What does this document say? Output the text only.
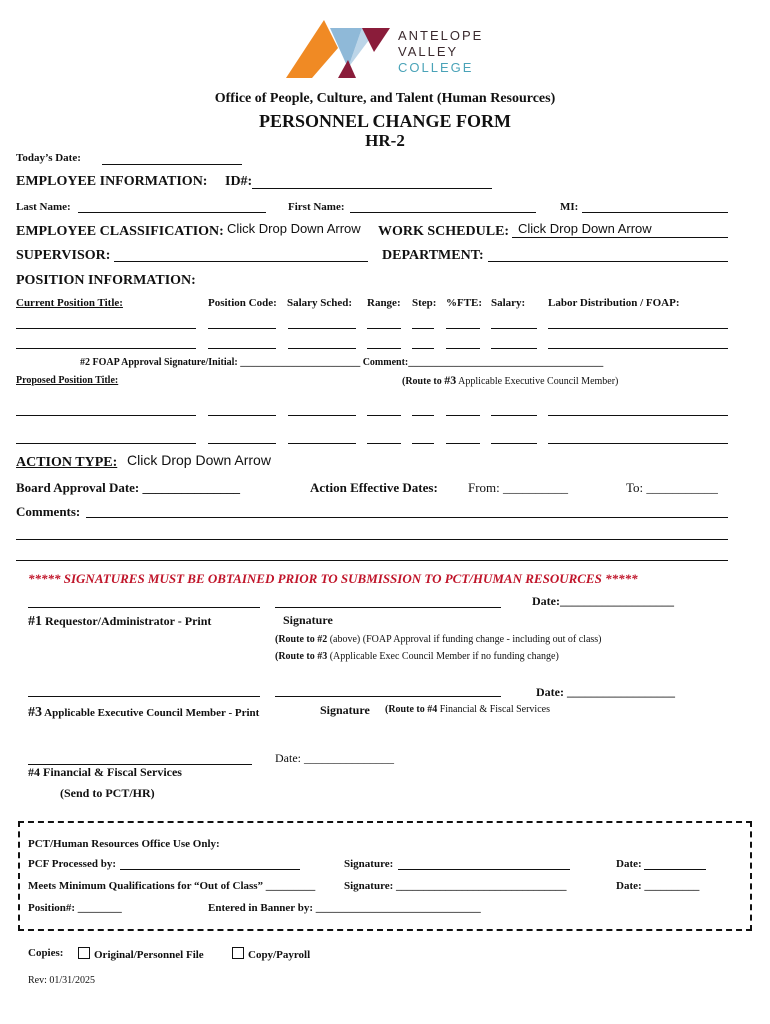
ANTELOPE
VALLEY
COLLEGE
Office of People, Culture, and Talent (Human Resources)
PERSONNEL CHANGE FORM
HR-2
Today’s Date:
EMPLOYEE INFORMATION: ID#:
Last Name:	First Name:	MI:
EMPLOYEE CLASSIFICATION: Click Drop Down Arrow WORK SCHEDULE: Click Drop Down Arrow
SUPERVISOR:	DEPARTMENT:
POSITION INFORMATION:
Current Position Title:	Position Code: Salary Sched: Range: Step: %FTE: Salary: Labor Distribution / FOAP:
#2 FOAP Approval Signature/Initial: ________________________ Comment:_______________________________________
Proposed Position Title:	(Route to #3 Applicable Executive Council Member)
ACTION TYPE: Click Drop Down Arrow
Board Approval Date: _______________	Action Effective Dates: From: __________	To: ___________
Comments:
***** SIGNATURES MUST BE OBTAINED PRIOR TO SUBMISSION TO PCT/HUMAN RESOURCES *****
Date:___________________
#1 Requestor/Administrator - Print	Signature
(Route to #2 (above) (FOAP Approval if funding change - including out of class)
(Route to #3 (Applicable Exec Council Member if no funding change)
Date: __________________
#3 Applicable Executive Council Member - Print	Signature (Route to #4 Financial & Fiscal Services
Date: _______________
#4 Financial & Fiscal Services
(Send to PCT/HR)
PCT/Human Resources Office Use Only:
PCF Processed by:	Signature:	Date:
Meets Minimum Qualifications for “Out of Class” _________	Signature: _______________________________	Date: __________
Position#: ________	Entered in Banner by: ______________________________
Copies:	Original/Personnel File	Copy/Payroll
Rev: 01/31/2025
